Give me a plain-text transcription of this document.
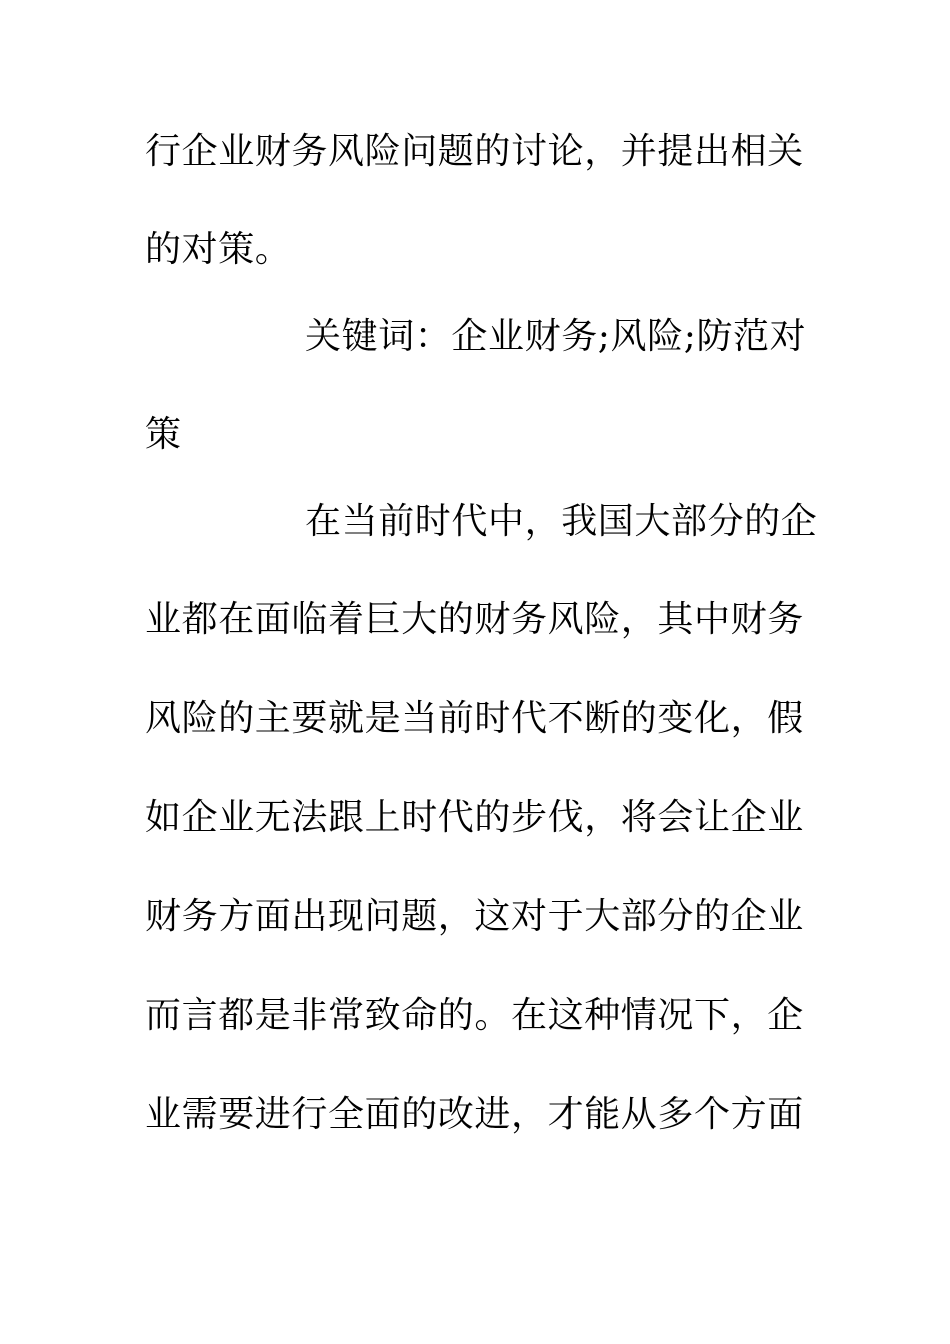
行企业财务风险问题的讨论，并提出相关
的对策。
关键词：企业财务;风险;防范对
策
在当前时代中，我国大部分的企
业都在面临着巨大的财务风险，其中财务
风险的主要就是当前时代不断的变化，假
如企业无法跟上时代的步伐，将会让企业
财务方面出现问题，这对于大部分的企业
而言都是非常致命的。在这种情况下，企
业需要进行全面的改进，才能从多个方面
